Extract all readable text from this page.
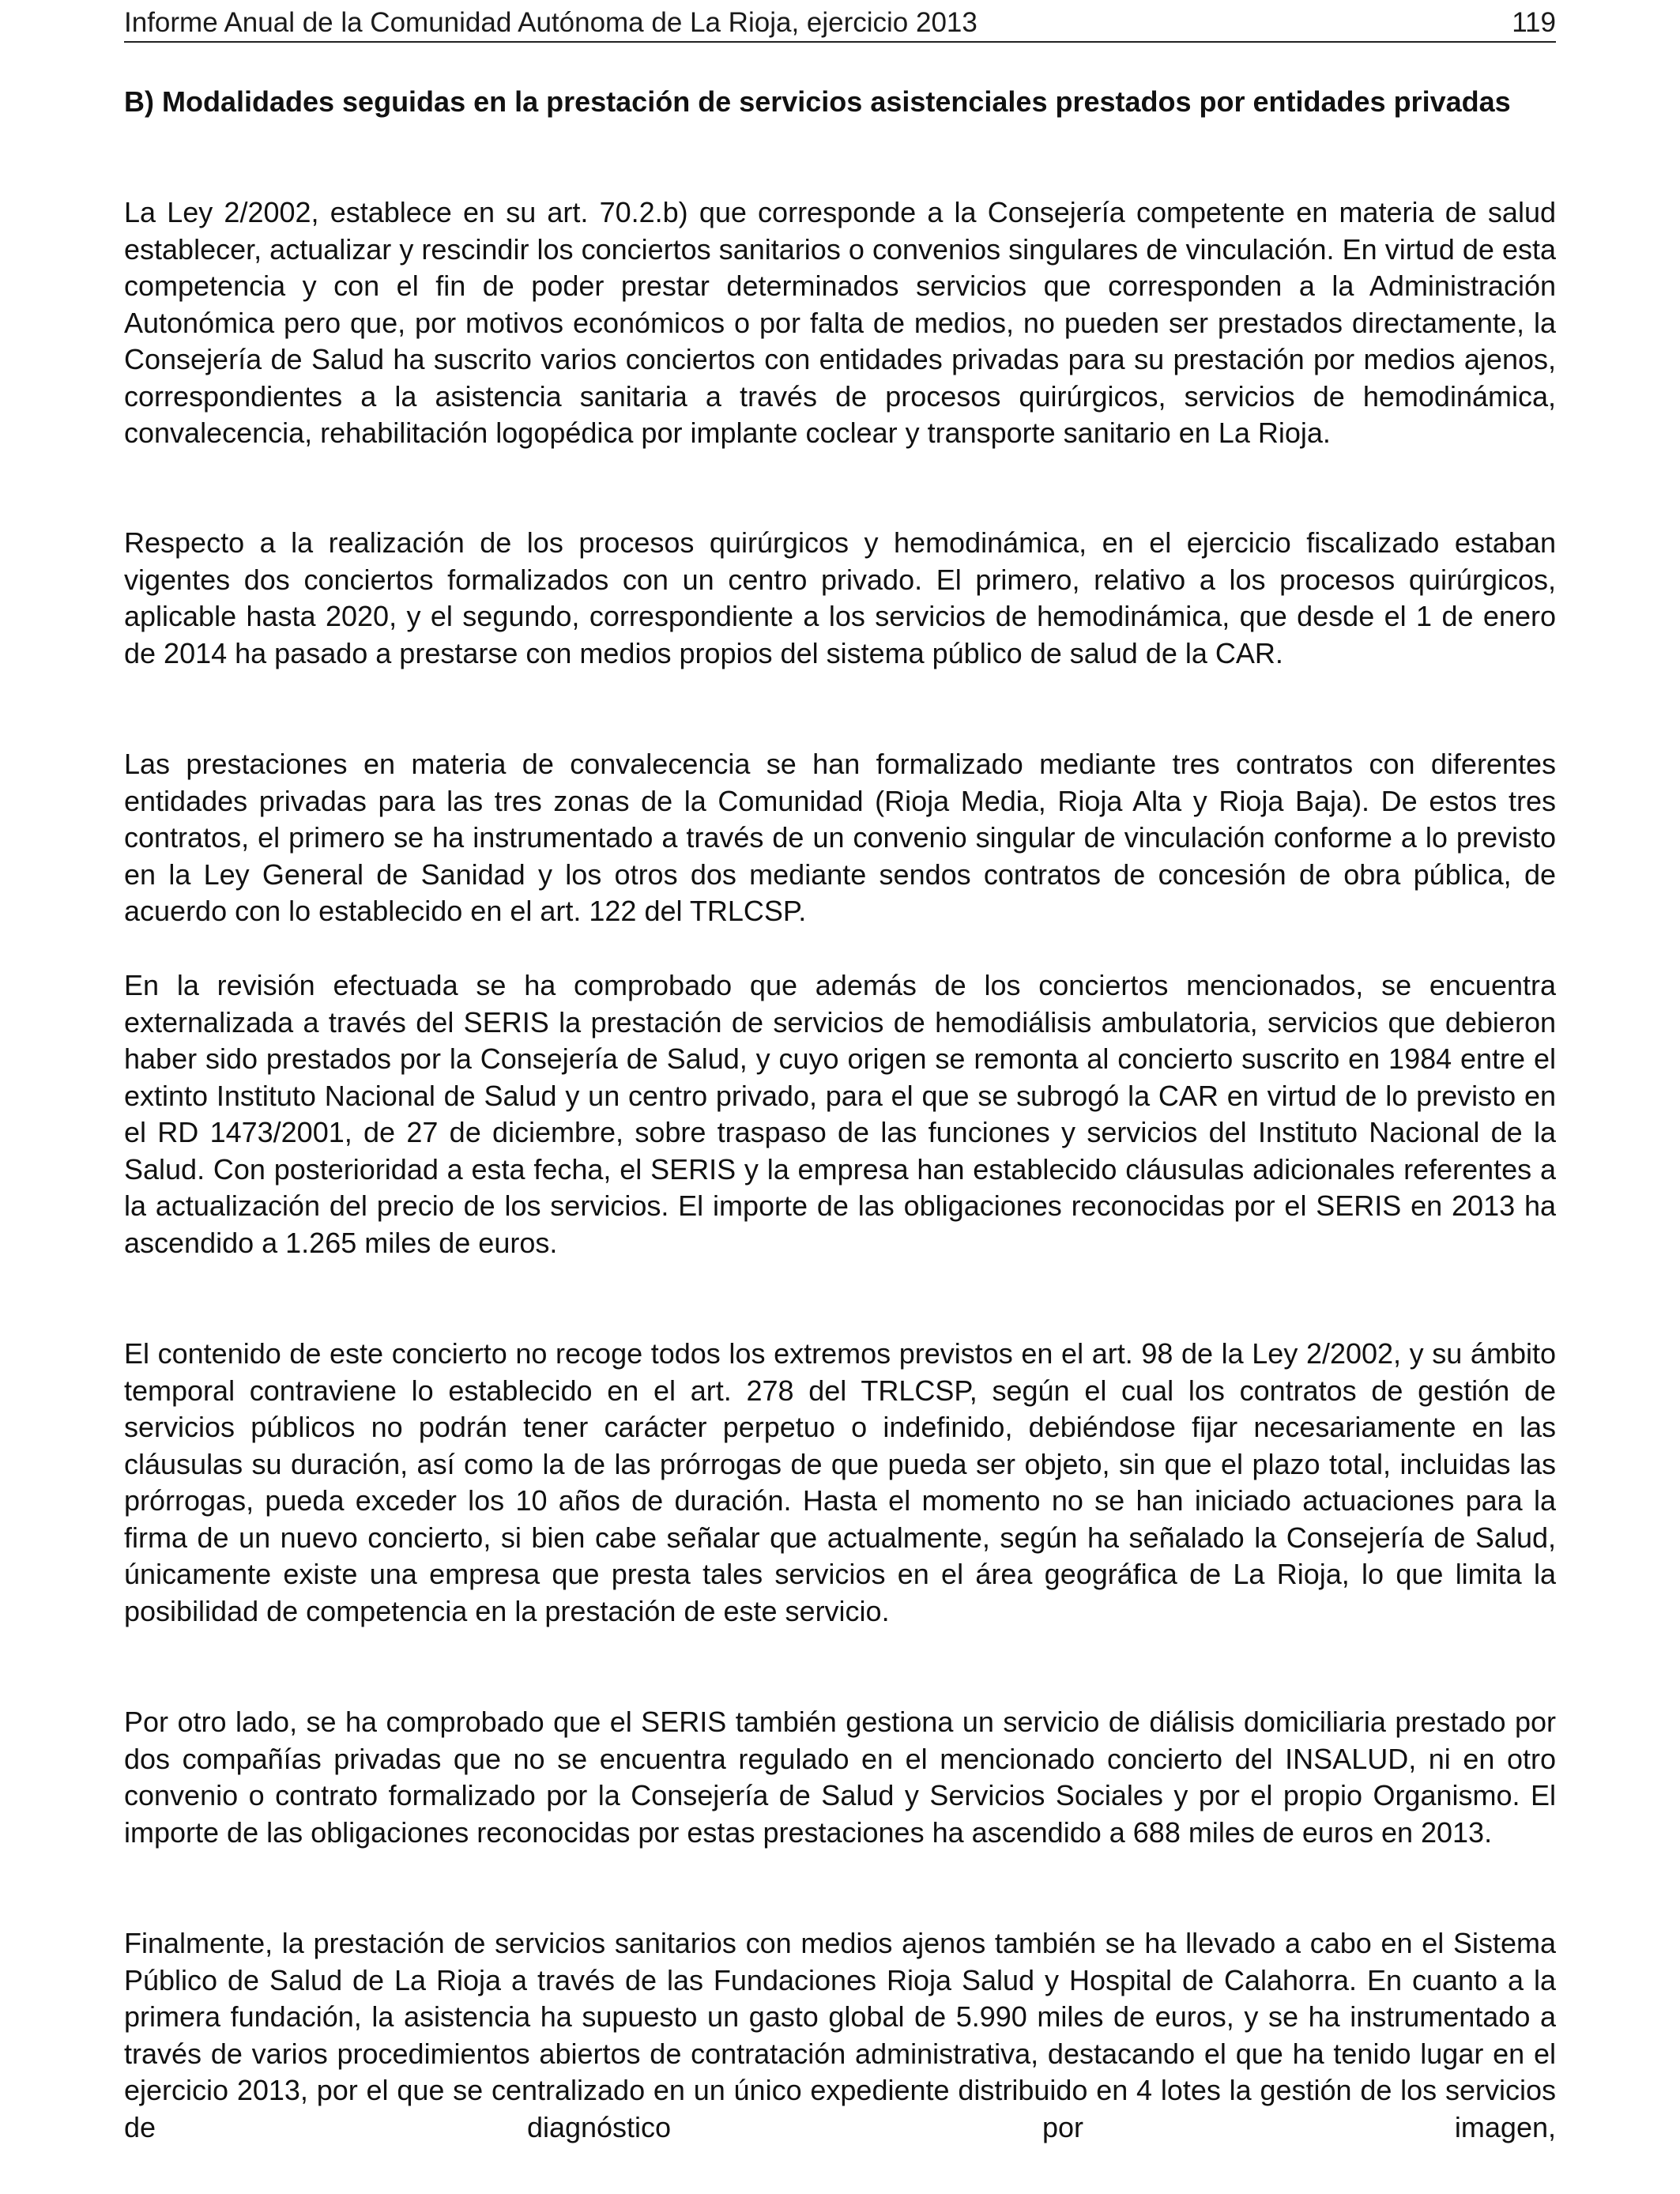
Informe Anual de la Comunidad Autónoma de La Rioja, ejercicio 2013	119
B) Modalidades seguidas en la prestación de servicios asistenciales prestados por entidades privadas

La Ley 2/2002, establece en su art. 70.2.b) que corresponde a la Consejería competente en materia de salud establecer, actualizar y rescindir los conciertos sanitarios o convenios singulares de vinculación. En virtud de esta competencia y con el fin de poder prestar determinados servicios que corresponden a la Administración Autonómica pero que, por motivos económicos o por falta de medios, no pueden ser prestados directamente, la Consejería de Salud ha suscrito varios conciertos con entidades privadas para su prestación por medios ajenos, correspondientes a la asistencia sanitaria a través de procesos quirúrgicos, servicios de hemodinámica, convalecencia, rehabilitación logopédica por implante coclear y transporte sanitario en La Rioja.

Respecto a la realización de los procesos quirúrgicos y hemodinámica, en el ejercicio fiscalizado estaban vigentes dos conciertos formalizados con un centro privado. El primero, relativo a los procesos quirúrgicos, aplicable hasta 2020, y el segundo, correspondiente a los servicios de hemodinámica, que desde el 1 de enero de 2014 ha pasado a prestarse con medios propios del sistema público de salud de la CAR.

Las prestaciones en materia de convalecencia se han formalizado mediante tres contratos con diferentes entidades privadas para las tres zonas de la Comunidad (Rioja Media, Rioja Alta y Rioja Baja). De estos tres contratos, el primero se ha instrumentado a través de un convenio singular de vinculación conforme a lo previsto en la Ley General de Sanidad y los otros dos mediante sendos contratos de concesión de obra pública, de acuerdo con lo establecido en el art. 122 del TRLCSP.

En la revisión efectuada se ha comprobado que además de los conciertos mencionados, se encuentra externalizada a través del SERIS la prestación de servicios de hemodiálisis ambulatoria, servicios que debieron haber sido prestados por la Consejería de Salud, y cuyo origen se remonta al concierto suscrito en 1984 entre el extinto Instituto Nacional de Salud y un centro privado, para el que se subrogó la CAR en virtud de lo previsto en el RD 1473/2001, de 27 de diciembre, sobre traspaso de las funciones y servicios del Instituto Nacional de la Salud. Con posterioridad a esta fecha, el SERIS y la empresa han establecido cláusulas adicionales referentes a la actualización del precio de los servicios. El importe de las obligaciones reconocidas por el SERIS en 2013 ha ascendido a 1.265 miles de euros.

El contenido de este concierto no recoge todos los extremos previstos en el art. 98 de la Ley 2/2002, y su ámbito temporal contraviene lo establecido en el art. 278 del TRLCSP, según el cual los contratos de gestión de servicios públicos no podrán tener carácter perpetuo o indefinido, debiéndose fijar necesariamente en las cláusulas su duración, así como la de las prórrogas de que pueda ser objeto, sin que el plazo total, incluidas las prórrogas, pueda exceder los 10 años de duración. Hasta el momento no se han iniciado actuaciones para la firma de un nuevo concierto, si bien cabe señalar que actualmente, según ha señalado la Consejería de Salud, únicamente existe una empresa que presta tales servicios en el área geográfica de La Rioja, lo que limita la posibilidad de competencia en la prestación de este servicio.

Por otro lado, se ha comprobado que el SERIS también gestiona un servicio de diálisis domiciliaria prestado por dos compañías privadas que no se encuentra regulado en el mencionado concierto del INSALUD, ni en otro convenio o contrato formalizado por la Consejería de Salud y Servicios Sociales y por el propio Organismo. El importe de las obligaciones reconocidas por estas prestaciones ha ascendido a 688 miles de euros en 2013.

Finalmente, la prestación de servicios sanitarios con medios ajenos también se ha llevado a cabo en el Sistema Público de Salud de La Rioja a través de las Fundaciones Rioja Salud y Hospital de Calahorra. En cuanto a la primera fundación, la asistencia ha supuesto un gasto global de 5.990 miles de euros, y se ha instrumentado a través de varios procedimientos abiertos de contratación administrativa, destacando el que ha tenido lugar en el ejercicio 2013, por el que se centralizado en un único expediente distribuido en 4 lotes la gestión de los servicios de diagnóstico por imagen,
